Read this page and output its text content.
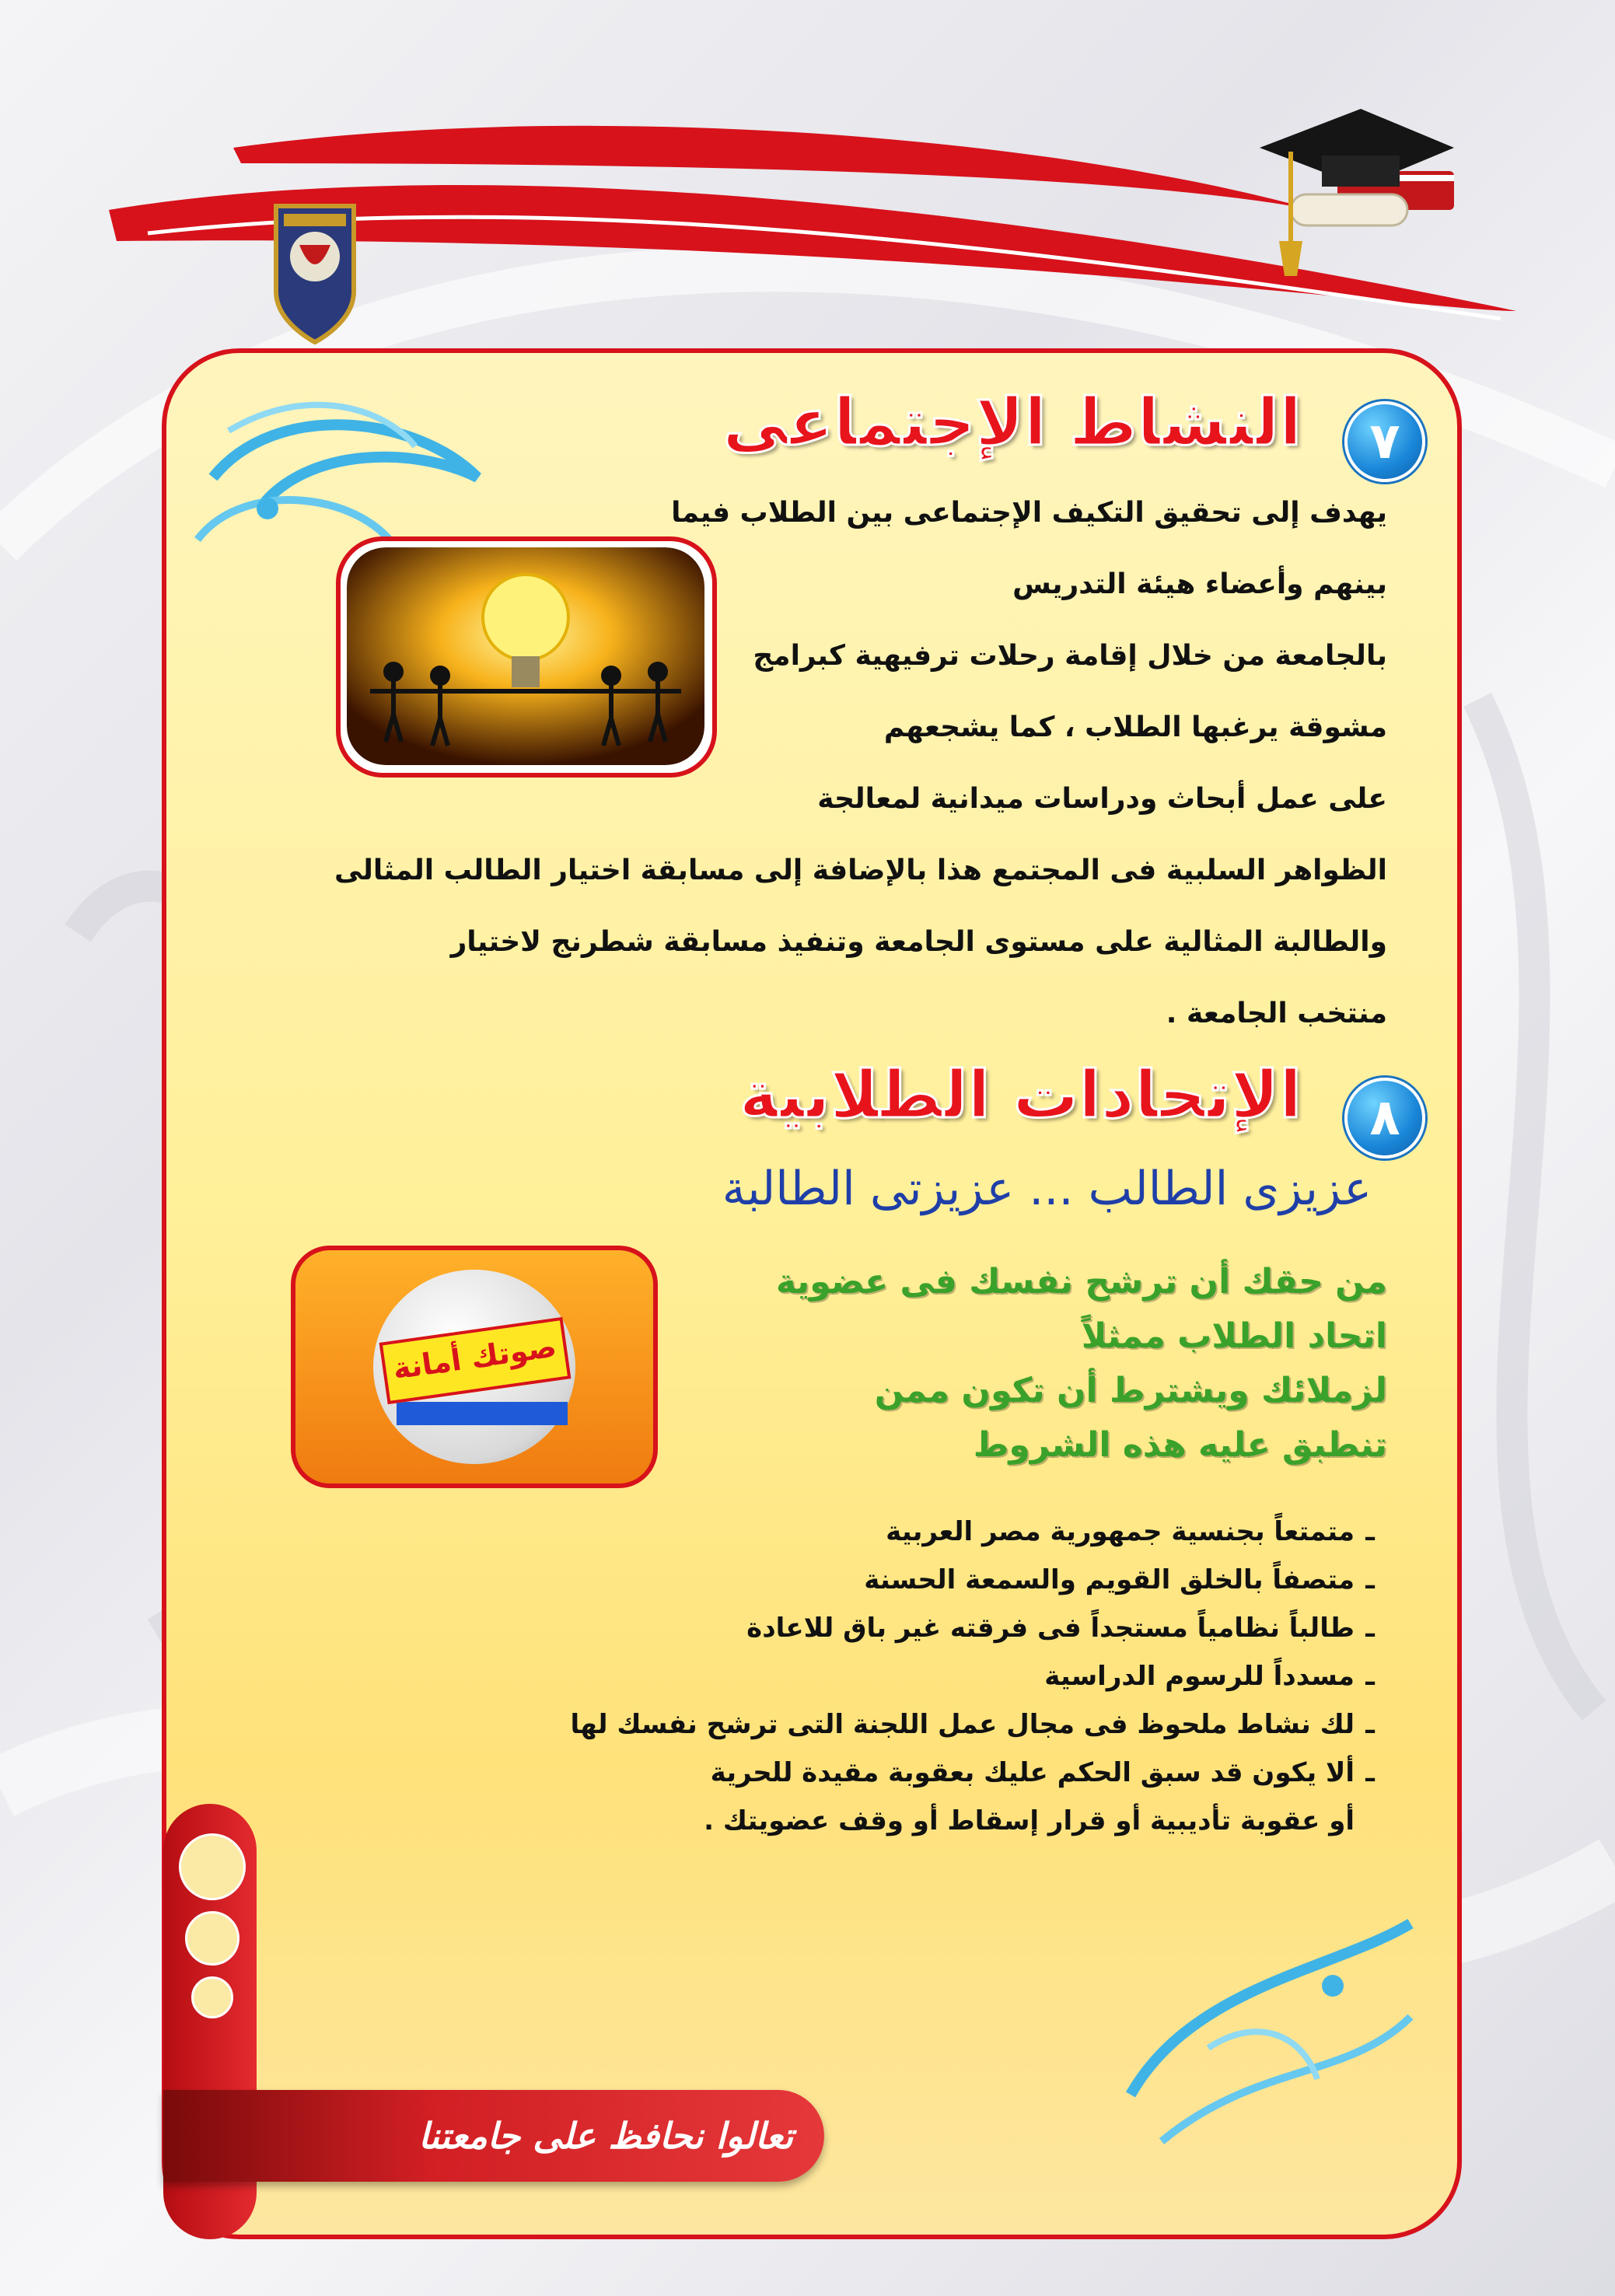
٧
النشاط الإجتماعى
يهدف إلى تحقيق التكيف الإجتماعى بين الطلاب فيما
بينهم وأعضاء هيئة التدريس
بالجامعة من خلال إقامة رحلات ترفيهية كبرامج
مشوقة يرغبها الطلاب ، كما يشجعهم
على عمل أبحاث ودراسات ميدانية لمعالجة
الظواهر السلبية فى المجتمع هذا بالإضافة إلى مسابقة اختيار الطالب المثالى
والطالبة المثالية على مستوى الجامعة وتنفيذ مسابقة شطرنج لاختيار
منتخب الجامعة .
٨
الإتحادات الطلابية
عزيزى الطالب ... عزيزتى الطالبة
صوتك أمانة
من حقك أن ترشح نفسك فى عضوية
اتحاد الطلاب ممثلاً
لزملائك ويشترط أن تكون ممن
تنطبق عليه هذه الشروط
ـ
متمتعاً بجنسية جمهورية مصر العربية
ـ
متصفاً بالخلق القويم والسمعة الحسنة
ـ
طالباً نظامياً مستجداً فى فرقته غير باق للاعادة
ـ
مسدداً للرسوم الدراسية
ـ
لك نشاط ملحوظ فى مجال عمل اللجنة التى ترشح نفسك لها
ـ
ألا يكون قد سبق الحكم عليك بعقوبة مقيدة للحرية
أو عقوبة تأديبية أو قرار إسقاط أو وقف عضويتك .
تعالوا نحافظ على جامعتنا
